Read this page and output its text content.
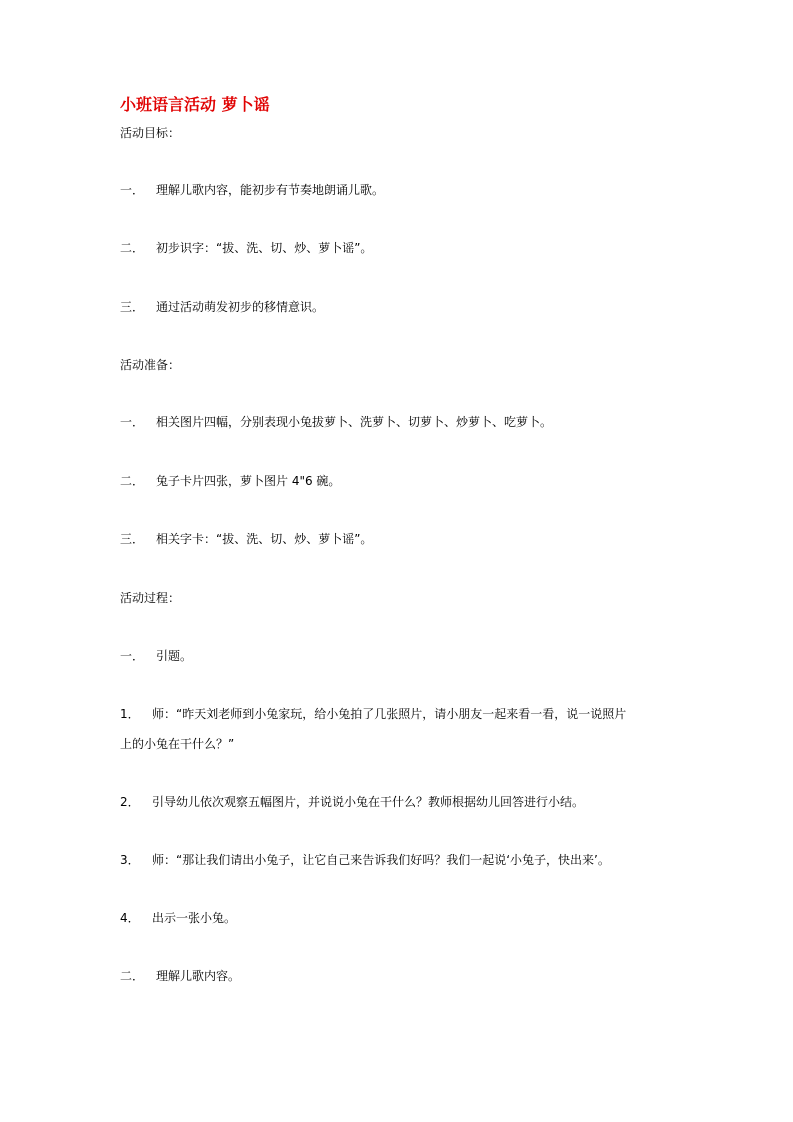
小班语言活动 萝卜谣
活动目标：
一． 理解儿歌内容，能初步有节奏地朗诵儿歌。
二． 初步识字：“拔、洗、切、炒、萝卜谣”。
三． 通过活动萌发初步的移情意识。
活动准备：
一． 相关图片四幅，分别表现小兔拔萝卜、洗萝卜、切萝卜、炒萝卜、吃萝卜。
二． 兔子卡片四张，萝卜图片 4"6 碗。
三． 相关字卡：“拔、洗、切、炒、萝卜谣”。
活动过程：
一． 引题。
1． 师：“昨天刘老师到小兔家玩，给小兔拍了几张照片，请小朋友一起来看一看，说一说照片
上的小兔在干什么？”
2． 引导幼儿依次观察五幅图片，并说说小兔在干什么？教师根据幼儿回答进行小结。
3． 师：“那让我们请出小兔子，让它自己来告诉我们好吗？我们一起说‘小兔子，快出来’。
4． 出示一张小兔。
二． 理解儿歌内容。
